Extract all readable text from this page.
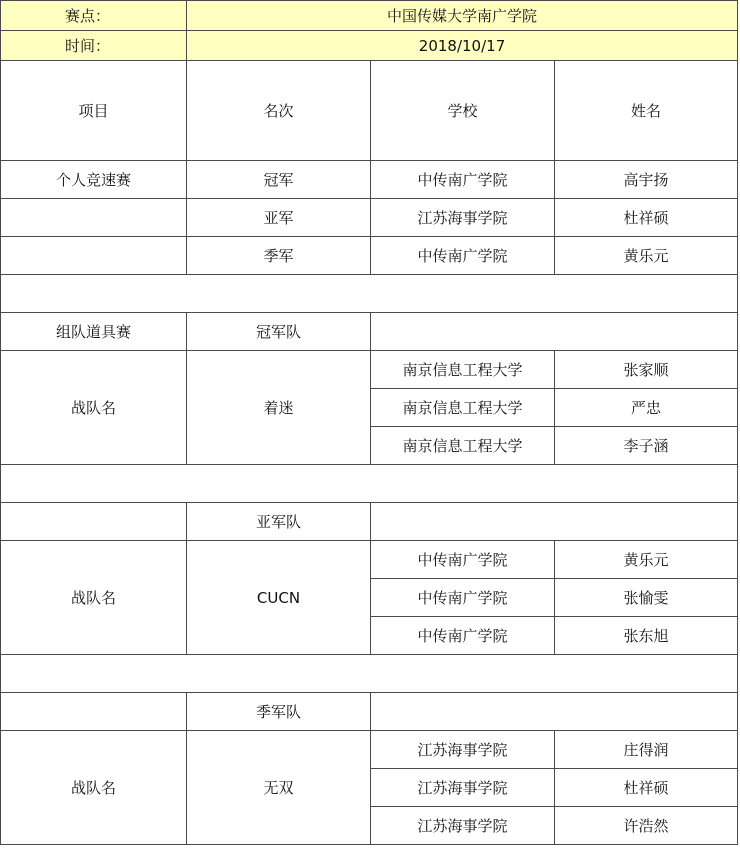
赛点：	中国传媒大学南广学院		
时间：	2018/10/17		
项目	名次	学校	姓名
个人竞速赛	冠军	中传南广学院	高宇扬
	亚军	江苏海事学院	杜祥硕
	季军	中传南广学院	黄乐元

组队道具赛	冠军队		
战队名	着迷	南京信息工程大学	张家顺
		南京信息工程大学	严忠
		南京信息工程大学	李子涵

	亚军队		
战队名	CUCN	中传南广学院	黄乐元
		中传南广学院	张愉雯
		中传南广学院	张东旭

	季军队		
战队名	无双	江苏海事学院	庄得润
		江苏海事学院	杜祥硕
		江苏海事学院	许浩然
